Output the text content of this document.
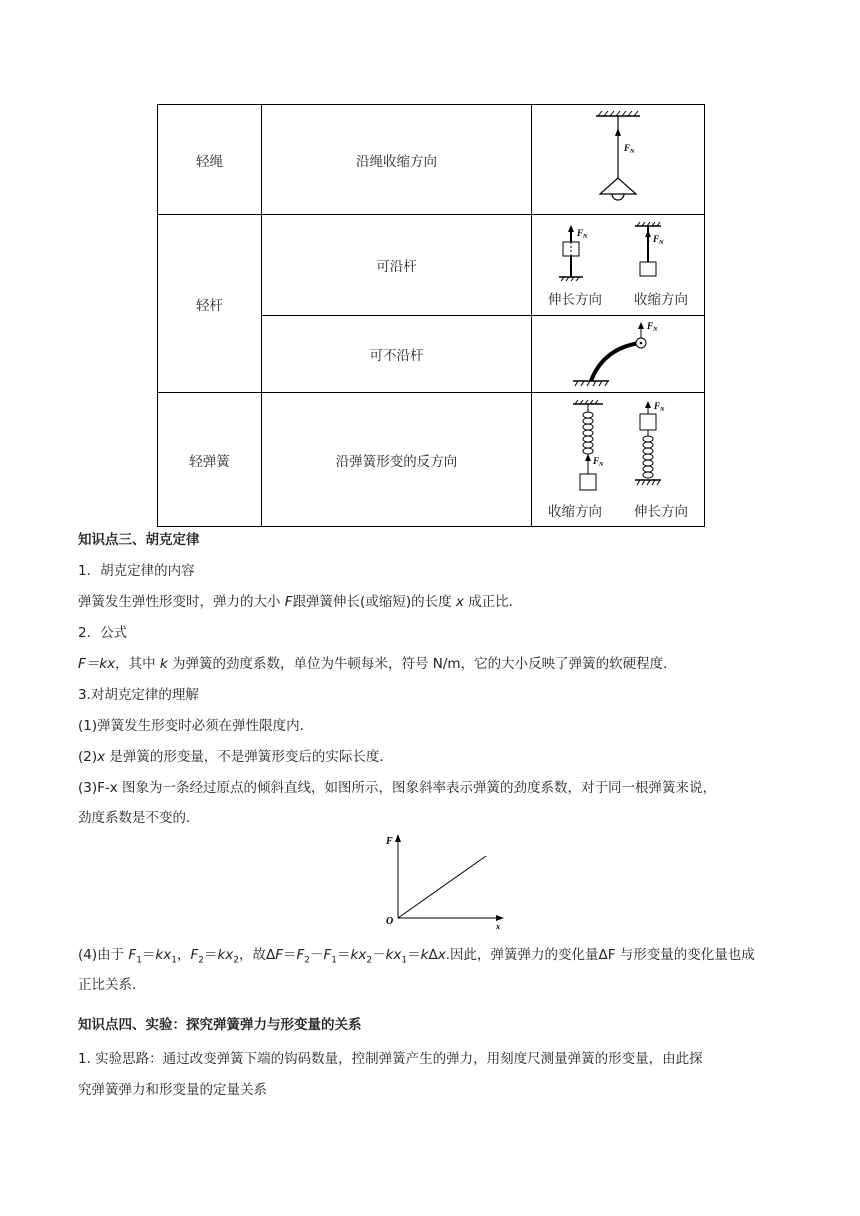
轻绳	沿绳收缩方向	$F_N$

轻杆	可沿杆	$F_N$ $F_N$
伸长方向 收缩方向

	可不沿杆	$F_N$

轻弹簧	沿弹簧形变的反方向	$F_N$
$F_N$
收缩方向 伸长方向
知识点三、胡克定律
1．胡克定律的内容
弹簧发生弹性形变时，弹力的大小 F跟弹簧伸长(或缩短)的长度 x 成正比．
2．公式
F＝kx，其中 k 为弹簧的劲度系数，单位为牛顿每米，符号 N/m，它的大小反映了弹簧的软硬程度．
3.对胡克定律的理解
(1)弹簧发生形变时必须在弹性限度内．
(2)x 是弹簧的形变量，不是弹簧形变后的实际长度．
(3)F-x 图象为一条经过原点的倾斜直线，如图所示，图象斜率表示弹簧的劲度系数，对于同一根弹簧来说，
劲度系数是不变的．
F
x
O
(4)由于 $F_1=kx_1$，$F_2=kx_2$，故$\Delta F=F_2-F_1=kx_2-kx_1=k\Delta x$.因此，弹簧弹力的变化量ΔF 与形变量的变化量也成
正比关系．
知识点四、实验：探究弹簧弹力与形变量的关系
1. 实验思路：通过改变弹簧下端的钩码数量，控制弹簧产生的弹力，用刻度尺测量弹簧的形变量，由此探
究弹簧弹力和形变量的定量关系
